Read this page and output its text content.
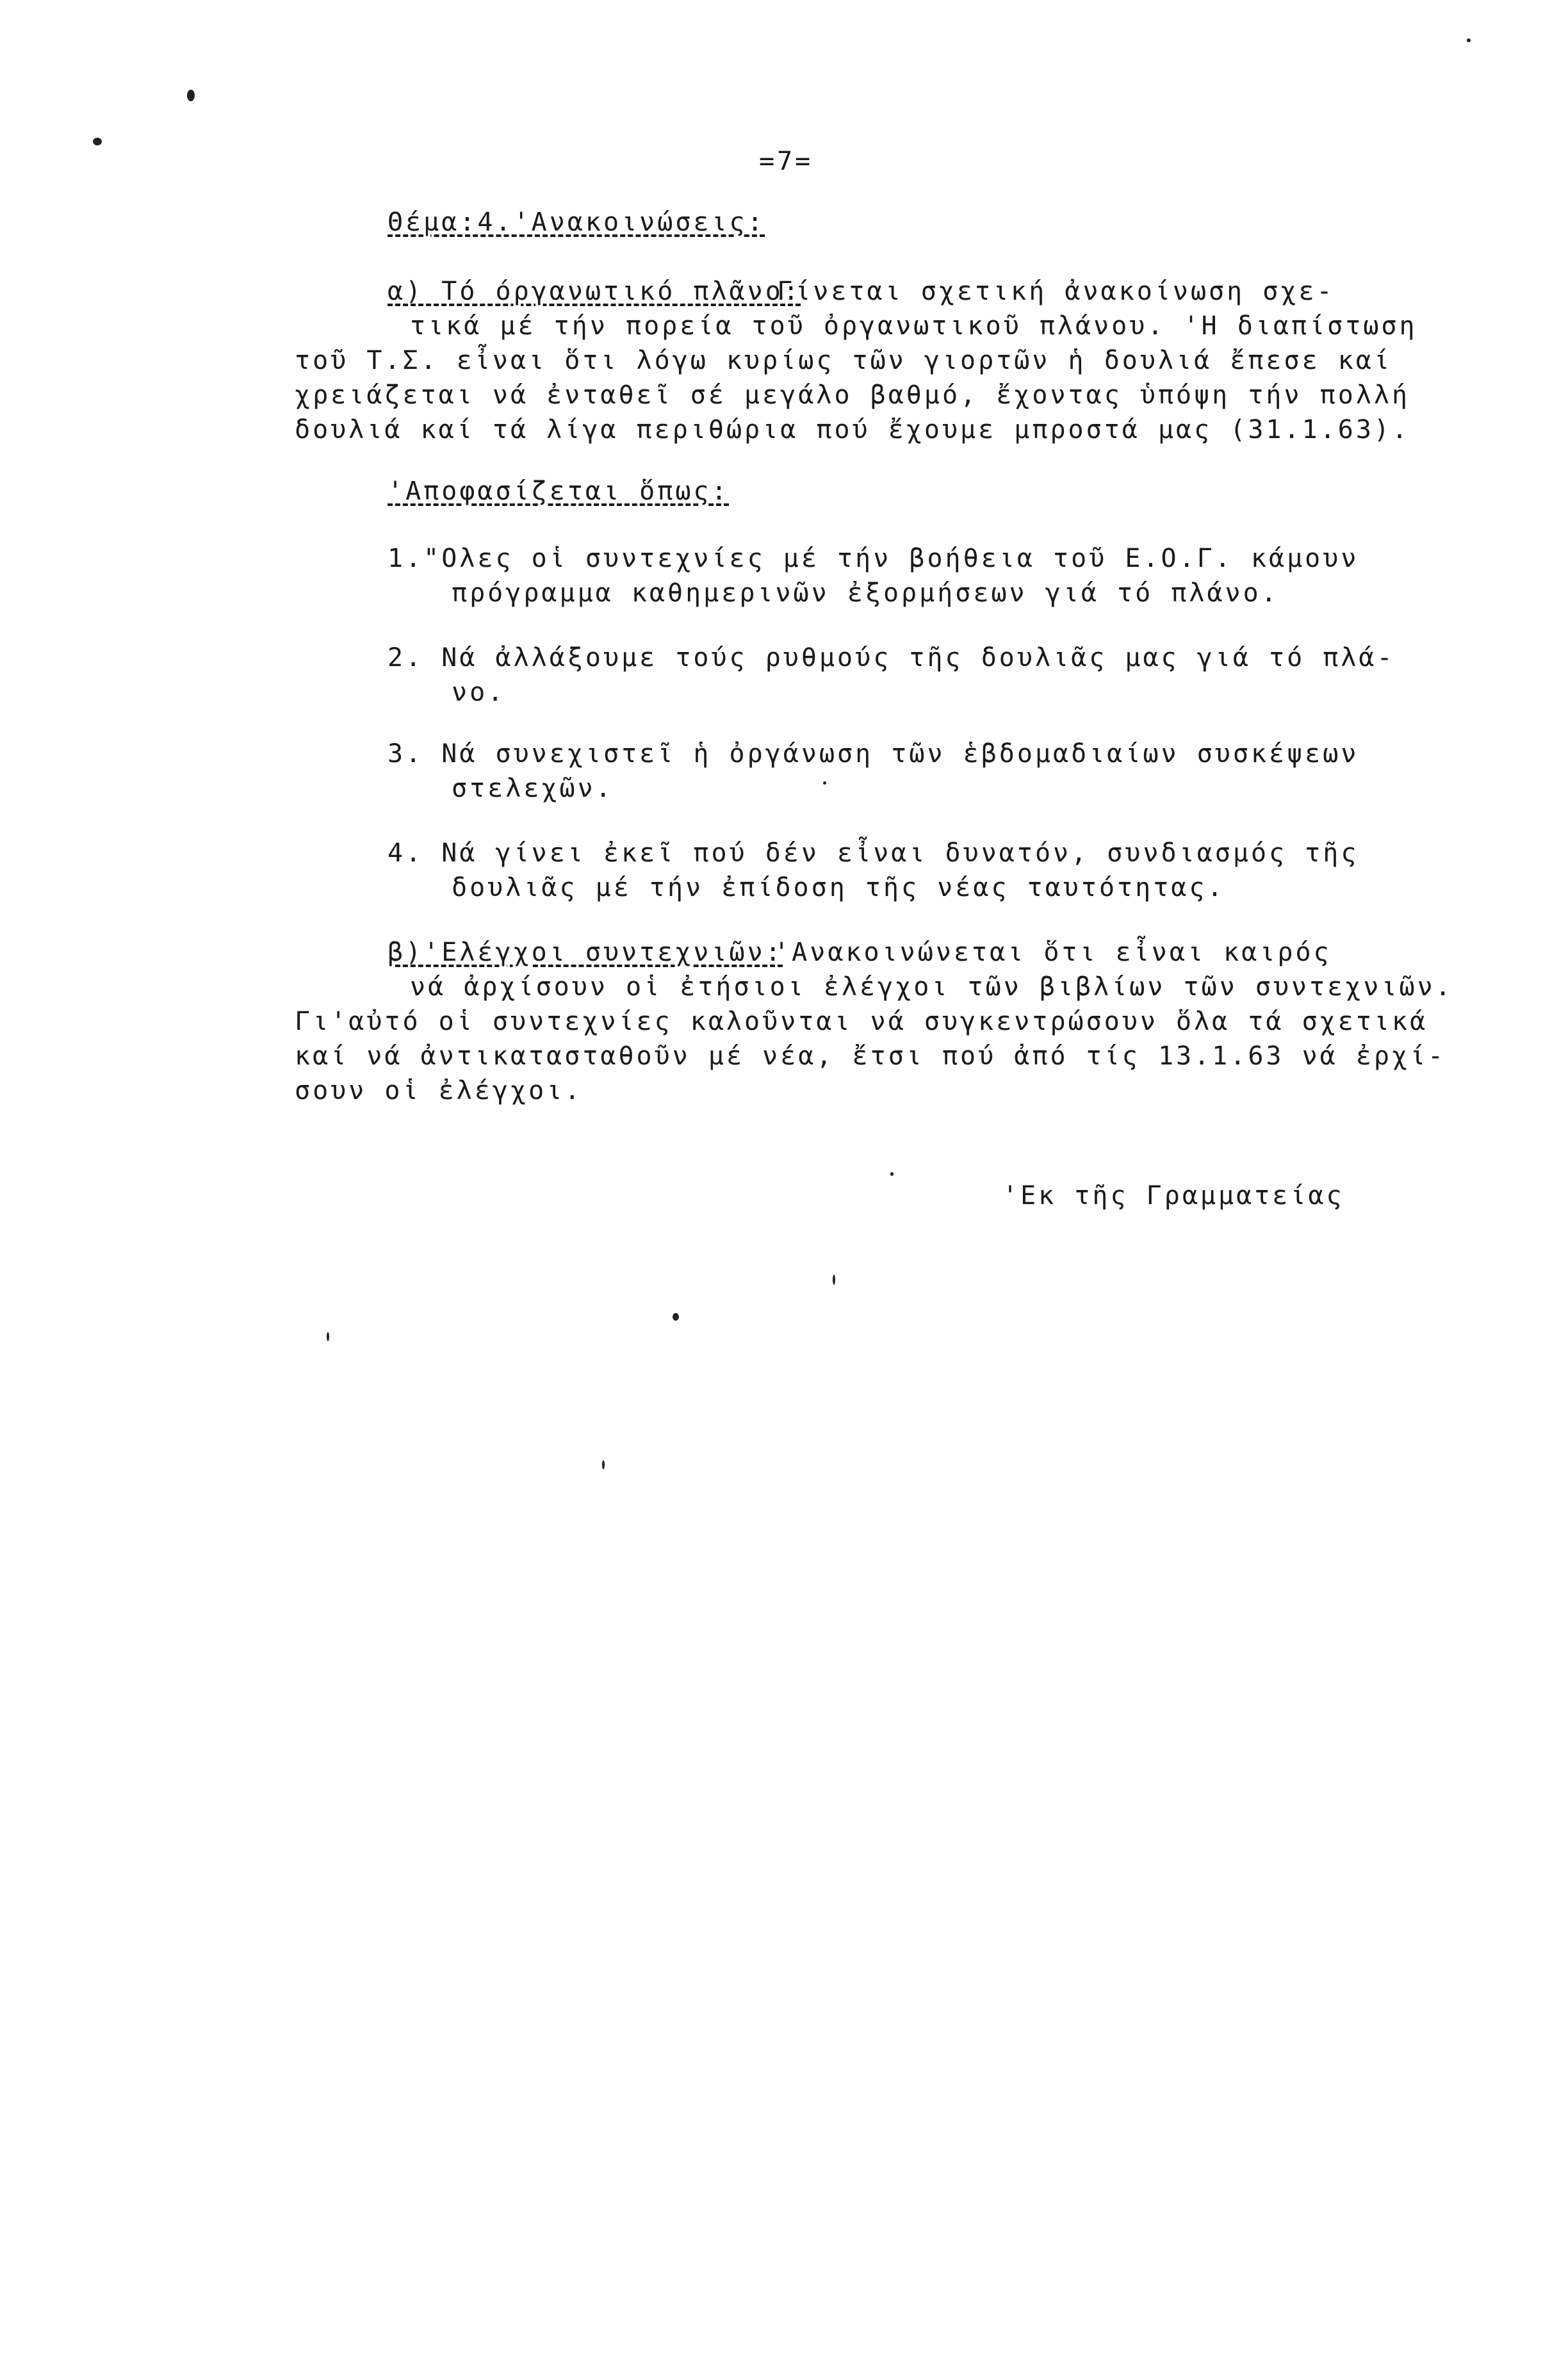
=7=
Θέμα:4.'Ανακοινώσεις:
α) Τό όργανωτικό πλᾶνο:
Γίνεται σχετική ἀνακοίνωση σχε-
τικά μέ τήν πορεία τοῦ ὀργανωτικοῦ πλάνου. 'Η διαπίστωση
τοῦ Τ.Σ. εἶναι ὅτι λόγω κυρίως τῶν γιορτῶν ἡ δουλιά ἔπεσε καί
χρειάζεται νά ἐνταθεῖ σέ μεγάλο βαθμό, ἔχοντας ὑπόψη τήν πολλή
δουλιά καί τά λίγα περιθώρια πού ἔχουμε μπροστά μας (31.1.63).
'Αποφασίζεται ὅπως:
1."Ολες οἱ συντεχνίες μέ τήν βοήθεια τοῦ Ε.Ο.Γ. κάμουν
πρόγραμμα καθημερινῶν ἐξορμήσεων γιά τό πλάνο.
2. Νά ἀλλάξουμε τούς ρυθμούς τῆς δουλιᾶς μας γιά τό πλά-
νο.
3. Νά συνεχιστεῖ ἡ ὀργάνωση τῶν ἑβδομαδιαίων συσκέψεων
στελεχῶν.
4. Νά γίνει ἐκεῖ πού δέν εἶναι δυνατόν, συνδιασμός τῆς
δουλιᾶς μέ τήν ἐπίδοση τῆς νέας ταυτότητας.
β)'Ελέγχοι συντεχνιῶν:
'Ανακοινώνεται ὅτι εἶναι καιρός
νά ἀρχίσουν οἱ ἐτήσιοι ἐλέγχοι τῶν βιβλίων τῶν συντεχνιῶν.
Γι'αὐτό οἱ συντεχνίες καλοῦνται νά συγκεντρώσουν ὅλα τά σχετικά
καί νά ἀντικατασταθοῦν μέ νέα, ἔτσι πού ἀπό τίς 13.1.63 νά ἐρχί-
σουν οἱ ἐλέγχοι.
'Εκ τῆς Γραμματείας
